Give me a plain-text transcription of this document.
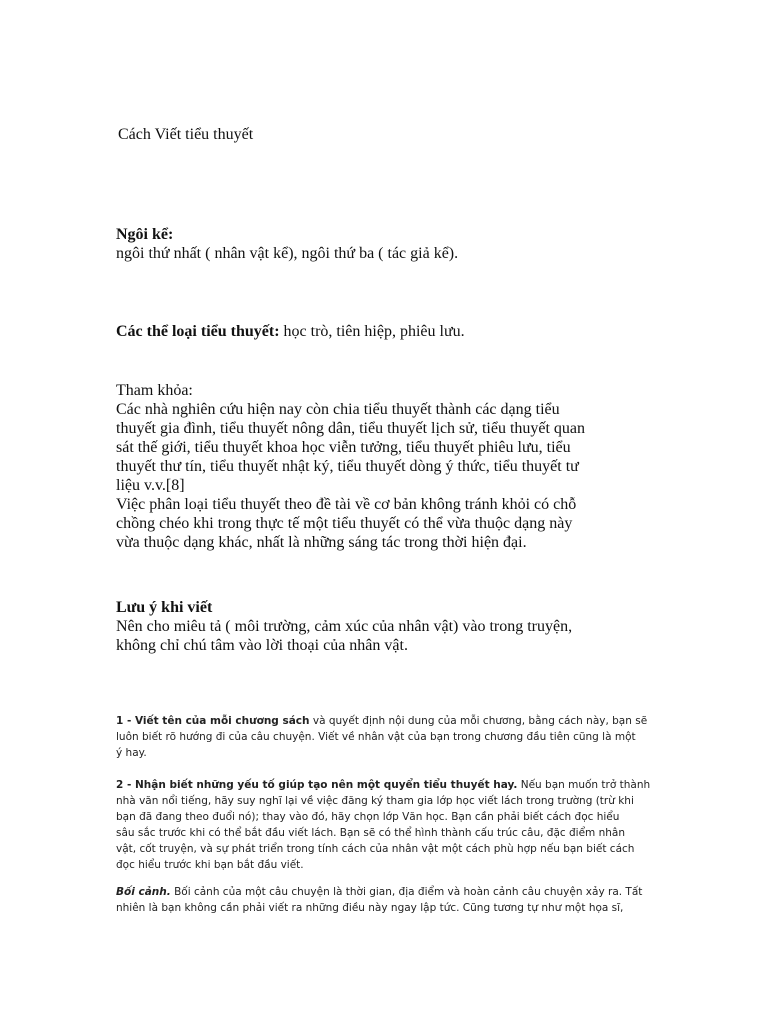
Cách Viết tiểu thuyết
Ngôi kể:
ngôi thứ nhất ( nhân vật kể), ngôi thứ ba ( tác giả kể).
Các thể loại tiểu thuyết: học trò, tiên hiệp, phiêu lưu.
Tham khỏa:
Các nhà nghiên cứu hiện nay còn chia tiểu thuyết thành các dạng tiểu
thuyết gia đình, tiểu thuyết nông dân, tiểu thuyết lịch sử, tiểu thuyết quan
sát thế giới, tiểu thuyết khoa học viễn tưởng, tiểu thuyết phiêu lưu, tiểu
thuyết thư tín, tiểu thuyết nhật ký, tiểu thuyết dòng ý thức, tiểu thuyết tư
liệu v.v.[8]
Việc phân loại tiểu thuyết theo đề tài về cơ bản không tránh khỏi có chỗ
chồng chéo khi trong thực tế một tiểu thuyết có thể vừa thuộc dạng này
vừa thuộc dạng khác, nhất là những sáng tác trong thời hiện đại.
Lưu ý khi viết
Nên cho miêu tả ( môi trường, cảm xúc của nhân vật) vào trong truyện,
không chỉ chú tâm vào lời thoại của nhân vật.
1 - Viết tên của mỗi chương sách và quyết định nội dung của mỗi chương, bằng cách này, bạn sẽ
luôn biết rõ hướng đi của câu chuyện. Viết về nhân vật của bạn trong chương đầu tiên cũng là một
ý hay.
2 - Nhận biết những yếu tố giúp tạo nên một quyển tiểu thuyết hay. Nếu bạn muốn trở thành
nhà văn nổi tiếng, hãy suy nghĩ lại về việc đăng ký tham gia lớp học viết lách trong trường (trừ khi
bạn đã đang theo đuổi nó); thay vào đó, hãy chọn lớp Văn học. Bạn cần phải biết cách đọc hiểu
sâu sắc trước khi có thể bắt đầu viết lách. Bạn sẽ có thể hình thành cấu trúc câu, đặc điểm nhân
vật, cốt truyện, và sự phát triển trong tính cách của nhân vật một cách phù hợp nếu bạn biết cách
đọc hiểu trước khi bạn bắt đầu viết.
Bối cảnh. Bối cảnh của một câu chuyện là thời gian, địa điểm và hoàn cảnh câu chuyện xảy ra. Tất
nhiên là bạn không cần phải viết ra những điều này ngay lập tức. Cũng tương tự như một họa sĩ,
